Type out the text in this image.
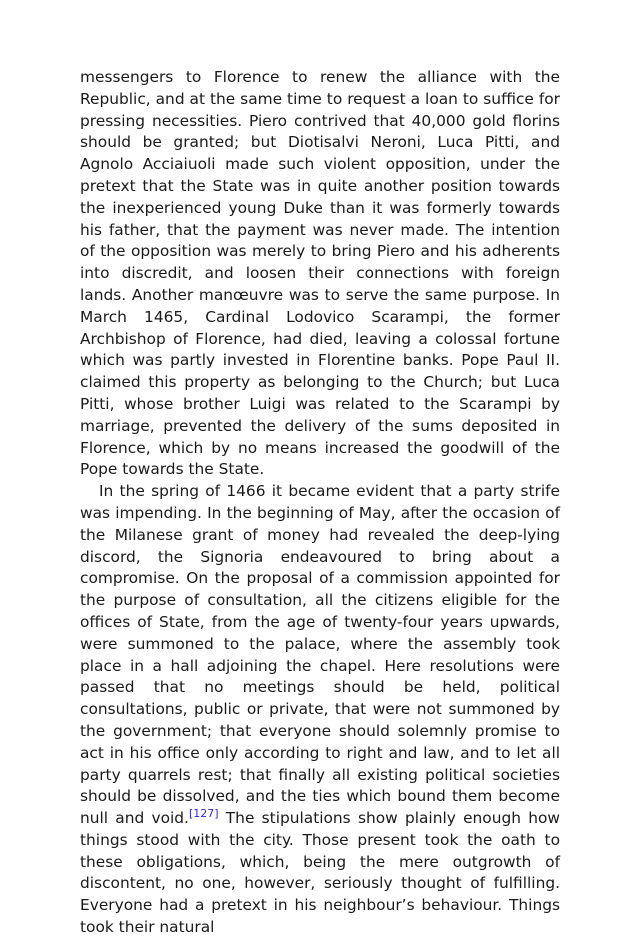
messengers to Florence to renew the alliance with the Republic, and at the same time to request a loan to suffice for pressing necessities. Piero contrived that 40,000 gold florins should be granted; but Diotisalvi Neroni, Luca Pitti, and Agnolo Acciaiuoli made such violent opposition, under the pretext that the State was in quite another position towards the inexperienced young Duke than it was formerly towards his father, that the payment was never made. The intention of the opposition was merely to bring Piero and his adherents into discredit, and loosen their connections with foreign lands. Another manœuvre was to serve the same purpose. In March 1465, Cardinal Lodovico Scarampi, the former Archbishop of Florence, had died, leaving a colossal fortune which was partly invested in Florentine banks. Pope Paul II. claimed this property as belonging to the Church; but Luca Pitti, whose brother Luigi was related to the Scarampi by marriage, prevented the delivery of the sums deposited in Florence, which by no means increased the goodwill of the Pope towards the State.

In the spring of 1466 it became evident that a party strife was impending. In the beginning of May, after the occasion of the Milanese grant of money had revealed the deep-lying discord, the Signoria endeavoured to bring about a compromise. On the proposal of a commission appointed for the purpose of consultation, all the citizens eligible for the offices of State, from the age of twenty-four years upwards, were summoned to the palace, where the assembly took place in a hall adjoining the chapel. Here resolutions were passed that no meetings should be held, political consultations, public or private, that were not summoned by the government; that everyone should solemnly promise to act in his office only according to right and law, and to let all party quarrels rest; that finally all existing political societies should be dissolved, and the ties which bound them become null and void.[127] The stipulations show plainly enough how things stood with the city. Those present took the oath to these obligations, which, being the mere outgrowth of discontent, no one, however, seriously thought of fulfilling. Everyone had a pretext in his neighbour’s behaviour. Things took their natural
